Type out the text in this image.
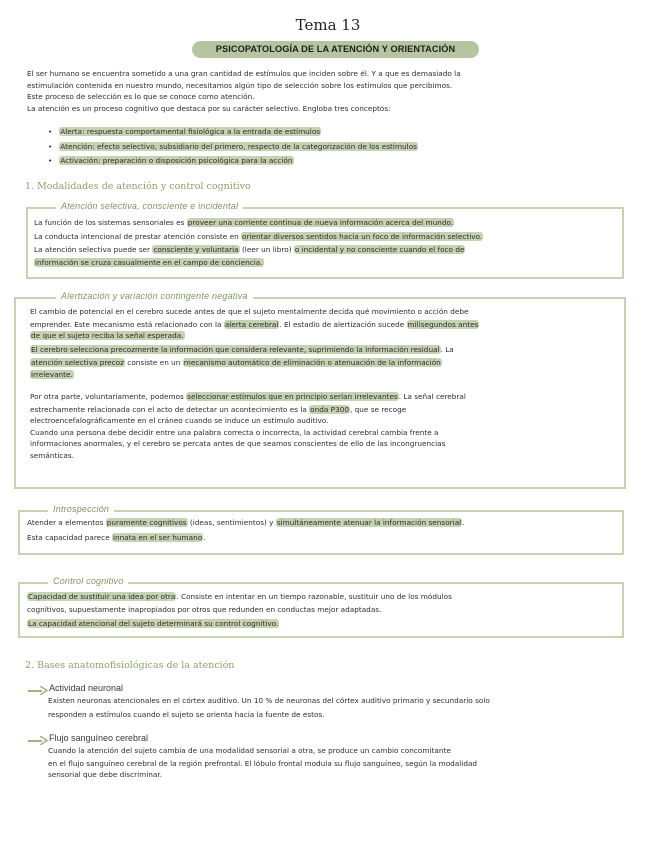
Tema 13
PSICOPATOLOGÍA DE LA ATENCIÓN Y ORIENTACIÓN
El ser humano se encuentra sometido a una gran cantidad de estímulos que inciden sobre él. Y a que es demasiado la
estimulación contenida en nuestro mundo, necesitamos algún tipo de selección sobre los estímulos que percibimos.
Este proceso de selección es lo que se conoce como atención.
La atención es un proceso cognitivo que destaca por su carácter selectivo. Engloba tres conceptos:
•   Alerta: respuesta comportamental fisiológica a la entrada de estímulos
•   Atención: efecto selectivo, subsidiario del primero, respecto de la categorización de los estímulos
•   Activación: preparación o disposición psicológica para la acción
1. Modalidades de atención y control cognitivo
Atención selectiva, consciente e incidental
La función de los sistemas sensoriales es proveer una corriente continua de nueva información acerca del mundo.
La conducta intencional de prestar atención consiste en orientar diversos sentidos hacia un foco de información selectivo.
La atención selectiva puede ser consciente y voluntaria (leer un libro) o incidental y no consciente cuando el foco de
información se cruza casualmente en el campo de conciencia.
Alertización y variación contingente negativa
El cambio de potencial en el cerebro sucede antes de que el sujeto mentalmente decida qué movimiento o acción debe
emprender. Este mecanismo está relacionado con la alerta cerebral. El estadio de alertización sucede milisegundos antes
de que el sujeto reciba la señal esperada.
El cerebro selecciona precozmente la información que considera relevante, suprimiendo la información residual. La
atención selectiva precoz consiste en un mecanismo automático de eliminación o atenuación de la información
irrelevante.
Por otra parte, voluntariamente, podemos seleccionar estímulos que en principio serían irrelevantes. La señal cerebral
estrechamente relacionada con el acto de detectar un acontecimiento es la onda P300, que se recoge
electroencefalográficamente en el cráneo cuando se induce un estímulo auditivo.
Cuando una persona debe decidir entre una palabra correcta o incorrecta, la actividad cerebral cambia frente a
informaciones anormales, y el cerebro se percata antes de que seamos conscientes de ello de las incongruencias
semánticas.
Introspección
Atender a elementos puramente cognitivos (ideas, sentimientos) y simultáneamente atenuar la información sensorial.
Esta capacidad parece innata en el ser humano.
Control cognitivo
Capacidad de sustituir una idea por otra. Consiste en intentar en un tiempo razonable, sustituir uno de los módulos
cognitivos, supuestamente inapropiados por otros que redunden en conductas mejor adaptadas.
La capacidad atencional del sujeto determinará su control cognitivo.
2. Bases anatomofisiológicas de la atención
Actividad neuronal
Existen neuronas atencionales en el córtex auditivo. Un 10 % de neuronas del córtex auditivo primario y secundario solo
responden a estímulos cuando el sujeto se orienta hacia la fuente de estos.
Flujo sanguíneo cerebral
Cuando la atención del sujeto cambia de una modalidad sensorial a otra, se produce un cambio concomitante
en el flujo sanguíneo cerebral de la región prefrontal. El lóbulo frontal modula su flujo sanguíneo, según la modalidad
sensorial que debe discriminar.
